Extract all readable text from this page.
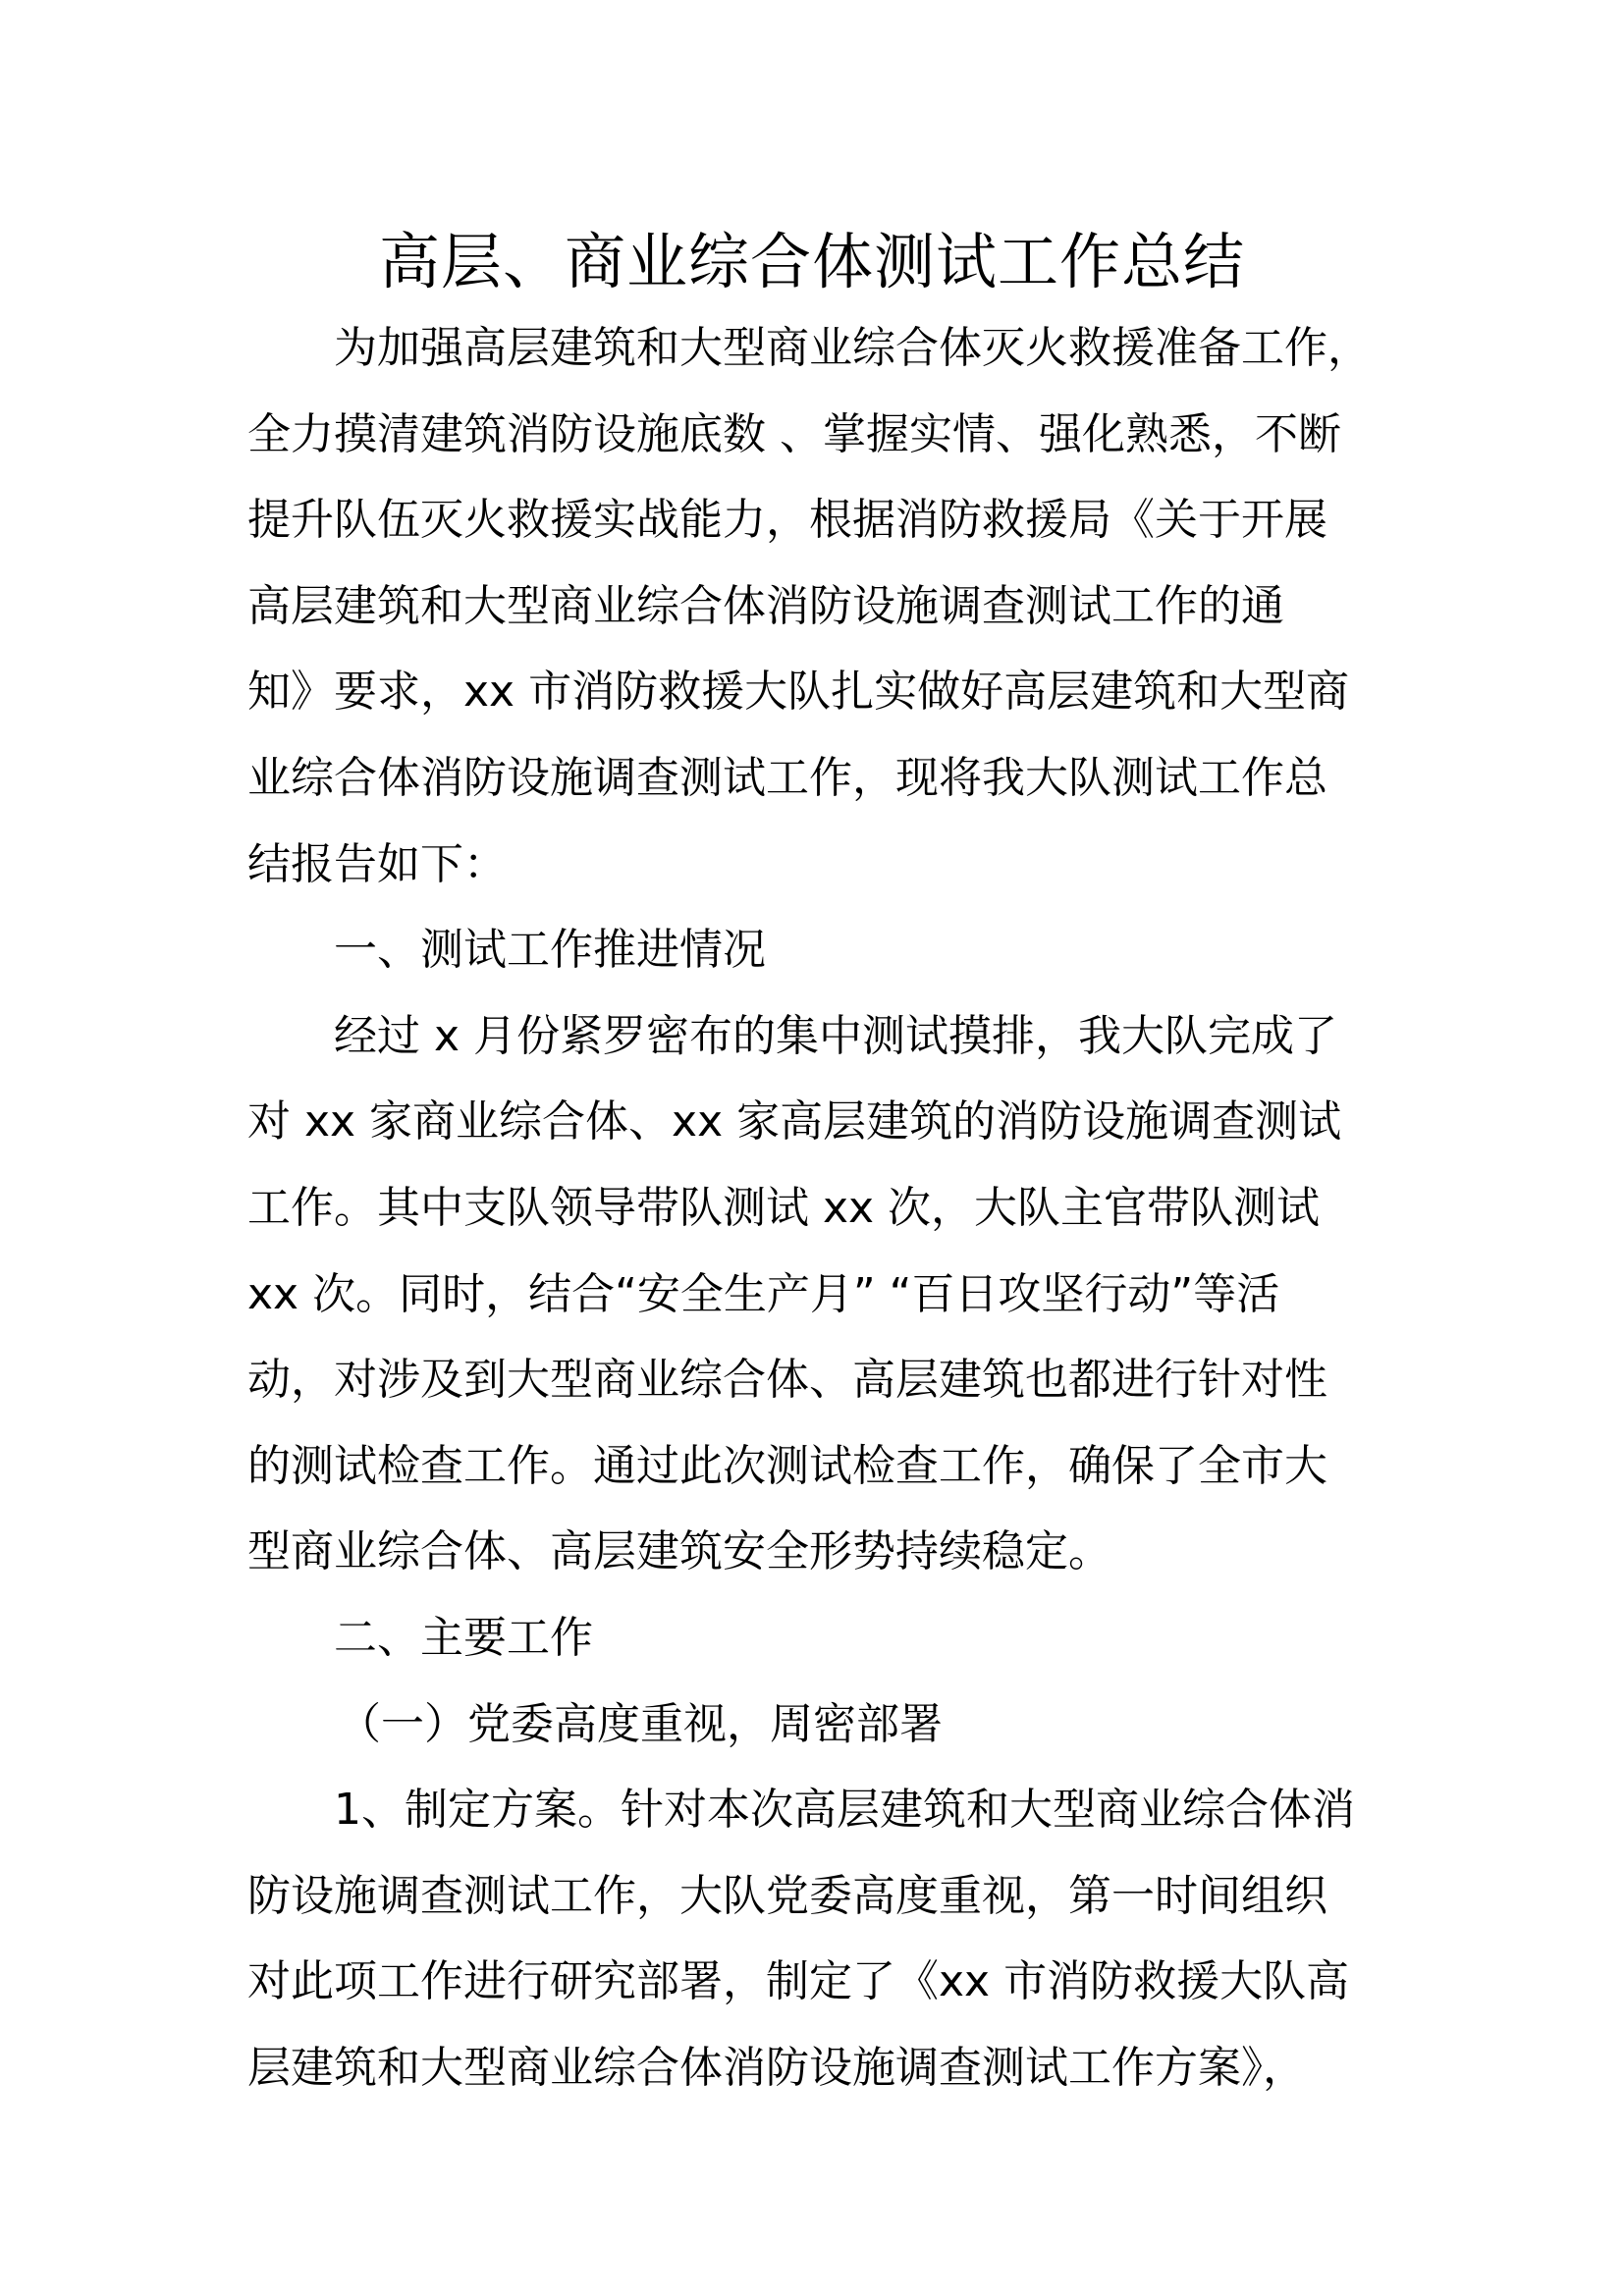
高层、商业综合体测试工作总结
为加强高层建筑和大型商业综合体灭火救援准备工作，
全力摸清建筑消防设施底数 、掌握实情、强化熟悉，不断
提升队伍灭火救援实战能力，根据消防救援局《关于开展
高层建筑和大型商业综合体消防设施调查测试工作的通
知》要求，xx 市消防救援大队扎实做好高层建筑和大型商
业综合体消防设施调查测试工作，现将我大队测试工作总
结报告如下：
一、测试工作推进情况
经过 x 月份紧罗密布的集中测试摸排，我大队完成了
对 xx 家商业综合体、xx 家高层建筑的消防设施调查测试
工作。其中支队领导带队测试 xx 次，大队主官带队测试
xx 次。同时，结合“安全生产月” “百日攻坚行动”等活
动，对涉及到大型商业综合体、高层建筑也都进行针对性
的测试检查工作。通过此次测试检查工作，确保了全市大
型商业综合体、高层建筑安全形势持续稳定。
二、主要工作
（一）党委高度重视，周密部署
1、制定方案。针对本次高层建筑和大型商业综合体消
防设施调查测试工作，大队党委高度重视，第一时间组织
对此项工作进行研究部署，制定了《xx 市消防救援大队高
层建筑和大型商业综合体消防设施调查测试工作方案》，
